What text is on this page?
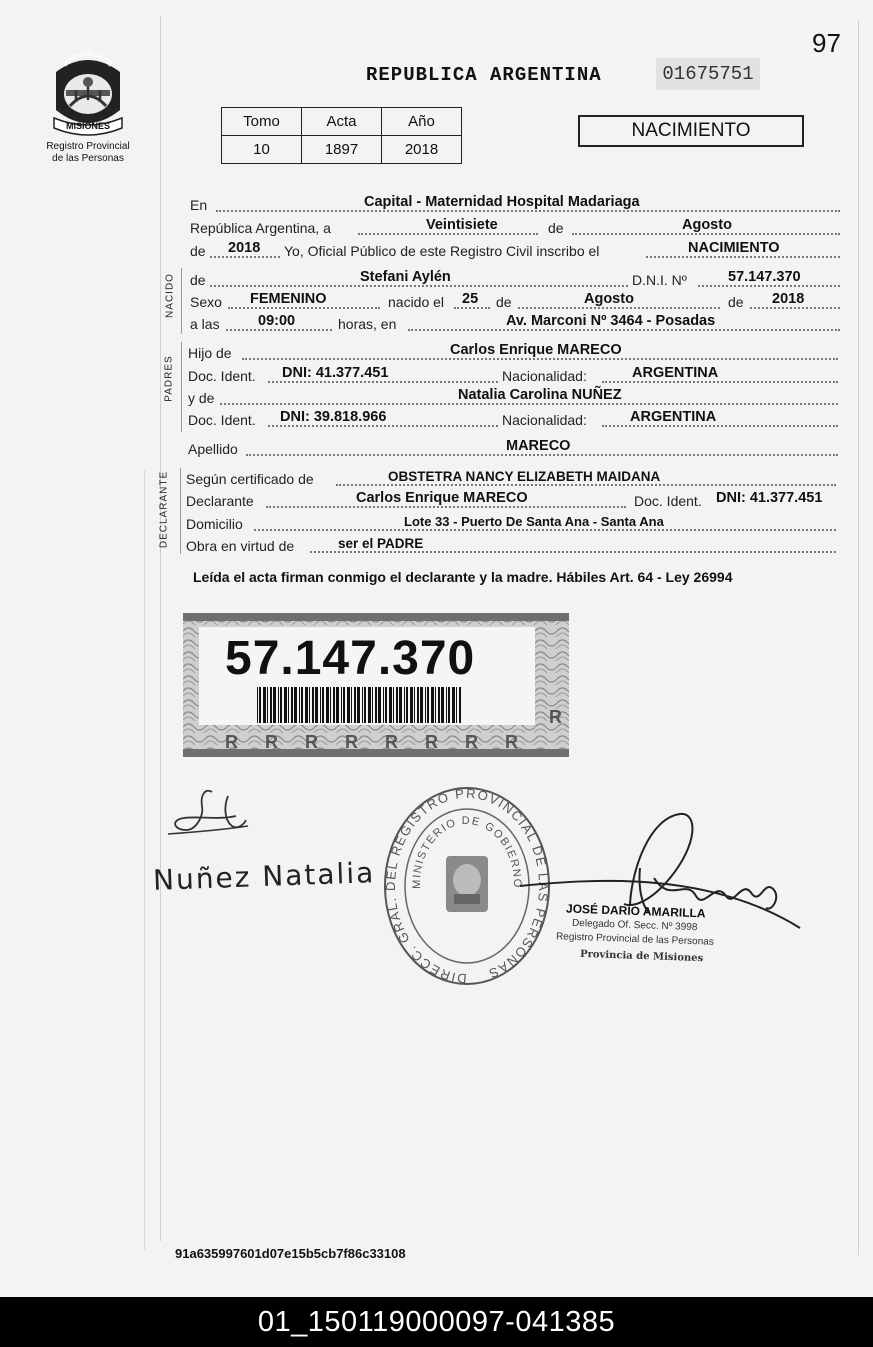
97
PROVINCIA DE
MISIONES
Registro Provincial
de las Personas
REPUBLICA ARGENTINA	01675751
Tomo	Acta	Año
10	1897	2018
NACIMIENTO
En	Capital - Maternidad Hospital Madariaga
República Argentina, a	Veintisiete	de	Agosto
de 2018 Yo, Oficial Público de este Registro Civil inscribo el	NACIMIENTO
NACIDO de	Stefani Aylén	D.N.I. Nº	57.147.370
Sexo FEMENINO	nacido el 25 de	Agosto	de 2018
a las	09:00	horas, en	Av. Marconi Nº 3464 - Posadas
PADRES
Hijo de	Carlos Enrique MARECO
Doc. Ident. DNI: 41.377.451	Nacionalidad:	ARGENTINA
y de	Natalia Carolina NUÑEZ
Doc. Ident. DNI: 39.818.966	Nacionalidad:	ARGENTINA
Apellido	MARECO
DECLARANTE Según certificado de	OBSTETRA NANCY ELIZABETH MAIDANA
Declarante	Carlos Enrique MARECO	Doc. Ident. DNI: 41.377.451
Domicilio	Lote 33 - Puerto De Santa Ana - Santa Ana
Obra en virtud de	ser el PADRE
Leída el acta firman conmigo el declarante y la madre. Hábiles Art. 64 - Ley 26994
R R R R R R R R
R
57.147.370
Nuñez Natalia
DIRECC. GRAL. DEL REGISTRO PROVINCIAL DE LAS PERSONAS
MINISTERIO DE GOBIERNO
JOSÉ DARÍO AMARILLA
Delegado Of. Secc. Nº 3998
Registro Provincial de las Personas
Provincia de Misiones
91a635997601d07e15b5cb7f86c33108
01_150119000097-041385
